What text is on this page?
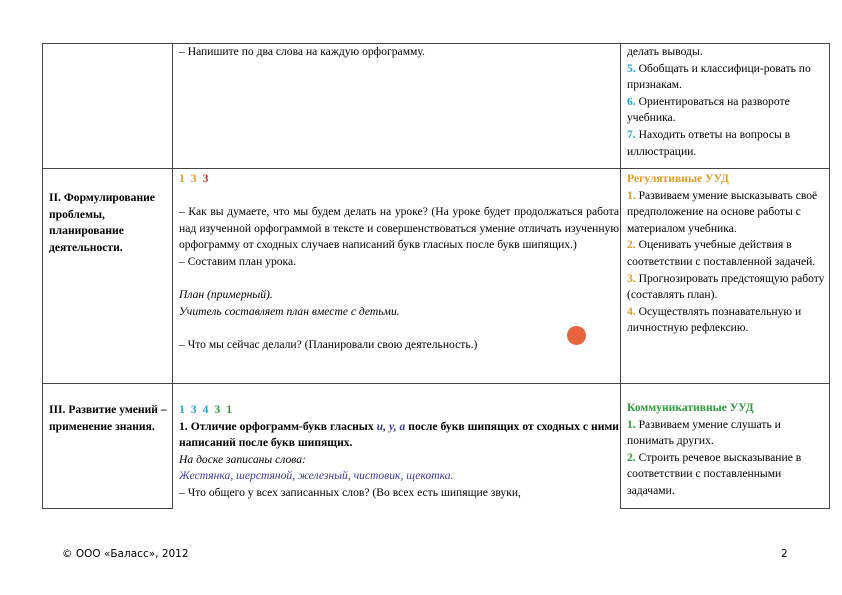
– Напишите по два слова на каждую орфограмму.	делать выводы.

5. Обобщать и классифици-ровать по признакам.

6. Ориентироваться на развороте учебника.

7. Находить ответы на вопросы в иллюстрации.

II. Формулирование проблемы, планирование деятельности.

1 3 3

– Как вы думаете, что мы будем делать на уроке? (На уроке будет продолжаться работа над изученной орфограммой в тексте и совершенствоваться умение отличать изученную орфограмму от сходных случаев написаний букв гласных после букв шипящих.)

– Составим план урока.

План (примерный).

Учитель составляет план вместе с детьми.

– Что мы сейчас делали? (Планировали свою деятельность.)

Регулятивные УУД

1. Развиваем умение высказывать своё предположение на основе работы с материалом учебника.

2. Оценивать учебные действия в соответствии с поставленной задачей.

3. Прогнозировать предстоящую работу (составлять план).

4. Осуществлять познавательную и личностную рефлексию.

III. Развитие умений – применение знания.

1 3 4 3 1

1. Отличие орфограмм-букв гласных и, у, а после букв шипящих от сходных с ними написаний после букв шипящих.

На доске записаны слова:

Жестянка, шерстяной, железный, чистовик, щекотка.

– Что общего у всех записанных слов? (Во всех есть шипящие звуки,

Коммуникативные УУД

1. Развиваем умение слушать и понимать других.

2. Строить речевое высказывание в соответствии с поставленными задачами.

© ООО «Баласс», 2012	2
